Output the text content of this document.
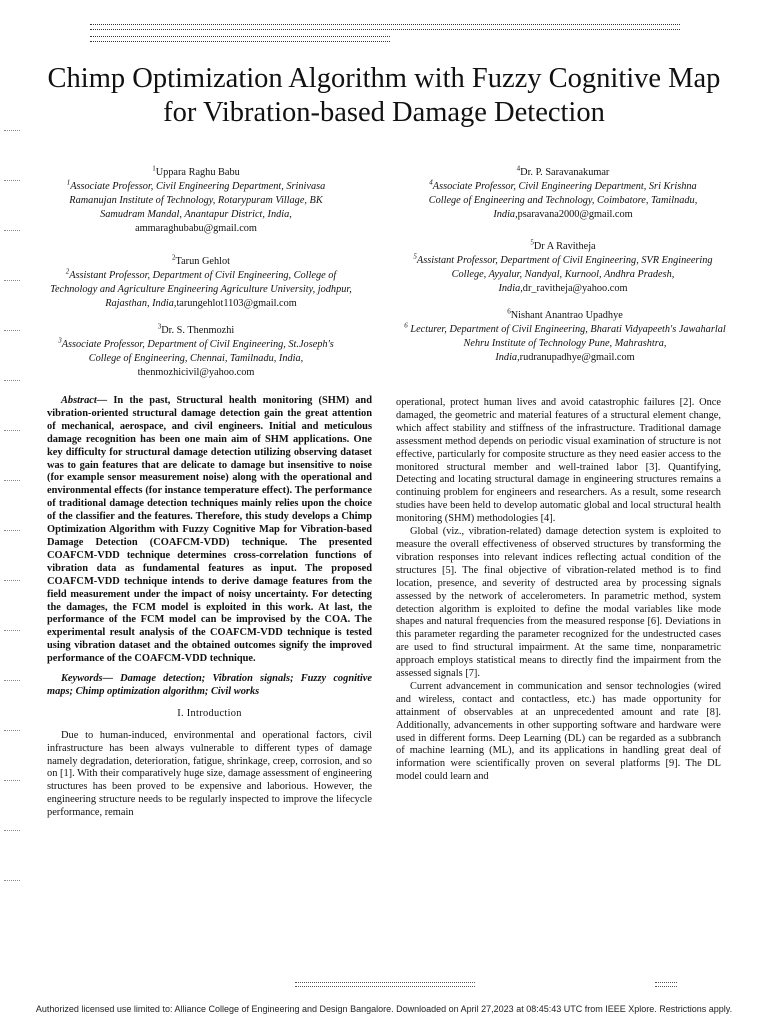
Chimp Optimization Algorithm with Fuzzy Cognitive Map for Vibration-based Damage Detection
$^1$Uppara Raghu Babu
$^1$Associate Professor, Civil Engineering Department, Srinivasa Ramanujan Institute of Technology, Rotarypuram Village, BK Samudram Mandal, Anantapur District, India,
ammaraghubabu@gmail.com
$^2$Tarun Gehlot
$^2$Assistant Professor, Department of Civil Engineering, College of Technology and Agriculture Engineering Agriculture University, jodhpur, Rajasthan, India,tarungehlot1103@gmail.com
$^3$Dr. S. Thenmozhi
$^3$Associate Professor, Department of Civil Engineering, St.Joseph's College of Engineering, Chennai, Tamilnadu, India,
thenmozhicivil@yahoo.com
$^4$Dr. P. Saravanakumar
$^4$Associate Professor, Civil Engineering Department, Sri Krishna College of Engineering and Technology, Coimbatore, Tamilnadu, India,psaravana2000@gmail.com
$^5$Dr A Ravitheja
$^5$Assistant Professor, Department of Civil Engineering, SVR Engineering College, Ayyalur, Nandyal, Kurnool, Andhra Pradesh, India,dr_ravitheja@yahoo.com
$^6$Nishant Anantrao Upadhye
$^6$ Lecturer, Department of Civil Engineering, Bharati Vidyapeeth's Jawaharlal Nehru Institute of Technology Pune, Mahrashtra, India,rudranupadhye@gmail.com

Abstract— In the past, Structural health monitoring (SHM) and vibration-oriented structural damage detection gain the great attention of mechanical, aerospace, and civil engineers. Initial and meticulous damage recognition has been one main aim of SHM applications. One key difficulty for structural damage detection utilizing observing dataset was to gain features that are delicate to damage but insensitive to noise (for example sensor measurement noise) along with the operational and environmental effects (for instance temperature effect). The performance of traditional damage detection techniques mainly relies upon the choice of the classifier and the features. Therefore, this study develops a Chimp Optimization Algorithm with Fuzzy Cognitive Map for Vibration-based Damage Detection (COAFCM-VDD) technique. The presented COAFCM-VDD technique determines cross-correlation functions of vibration data as fundamental features as input. The proposed COAFCM-VDD technique intends to derive damage features from the field measurement under the impact of noisy uncertainty. For detecting the damages, the FCM model is exploited in this work. At last, the performance of the FCM model can be improvised by the COA. The experimental result analysis of the COAFCM-VDD technique is tested using vibration dataset and the obtained outcomes signify the improved performance of the COAFCM-VDD technique.

Keywords— Damage detection; Vibration signals; Fuzzy cognitive maps; Chimp optimization algorithm; Civil works

I. Introduction

Due to human-induced, environmental and operational factors, civil infrastructure has been always vulnerable to different types of damage namely degradation, deterioration, fatigue, shrinkage, creep, corrosion, and so on [1]. With their comparatively huge size, damage assessment of engineering structures has been proved to be expensive and laborious. However, the engineering structure needs to be regularly inspected to improve the lifecycle performance, remain

operational, protect human lives and avoid catastrophic failures [2]. Once damaged, the geometric and material features of a structural element change, which affect stability and stiffness of the infrastructure. Traditional damage assessment method depends on periodic visual examination of structure is not effective, particularly for composite structure as they need easier access to the monitored structural member and well-trained labor [3]. Quantifying, Detecting and locating structural damage in engineering structures remains a continuing problem for engineers and researchers. As a result, some research studies have been held to develop automatic global and local structural health monitoring (SHM) methodologies [4].

Global (viz., vibration-related) damage detection system is exploited to measure the overall effectiveness of observed structures by transforming the vibration responses into relevant indices reflecting actual condition of the structures [5]. The final objective of vibration-related method is to find location, presence, and severity of destructed area by processing signals assessed by the network of accelerometers. In parametric method, system detection algorithm is exploited to define the modal variables like mode shapes and natural frequencies from the measured response [6]. Deviations in this parameter regarding the parameter recognized for the undestructed cases are used to find structural impairment. At the same time, nonparametric approach employs statistical means to directly find the impairment from the assessed signals [7].

Current advancement in communication and sensor technologies (wired and wireless, contact and contactless, etc.) has made opportunity for attainment of observables at an unprecedented amount and rate [8]. Additionally, advancements in other supporting software and hardware were used in different forms. Deep Learning (DL) can be regarded as a subbranch of machine learning (ML), and its applications in handling great deal of information were scientifically proven on several platforms [9]. The DL model could learn and

Authorized licensed use limited to: Alliance College of Engineering and Design Bangalore. Downloaded on April 27,2023 at 08:45:43 UTC from IEEE Xplore. Restrictions apply.
